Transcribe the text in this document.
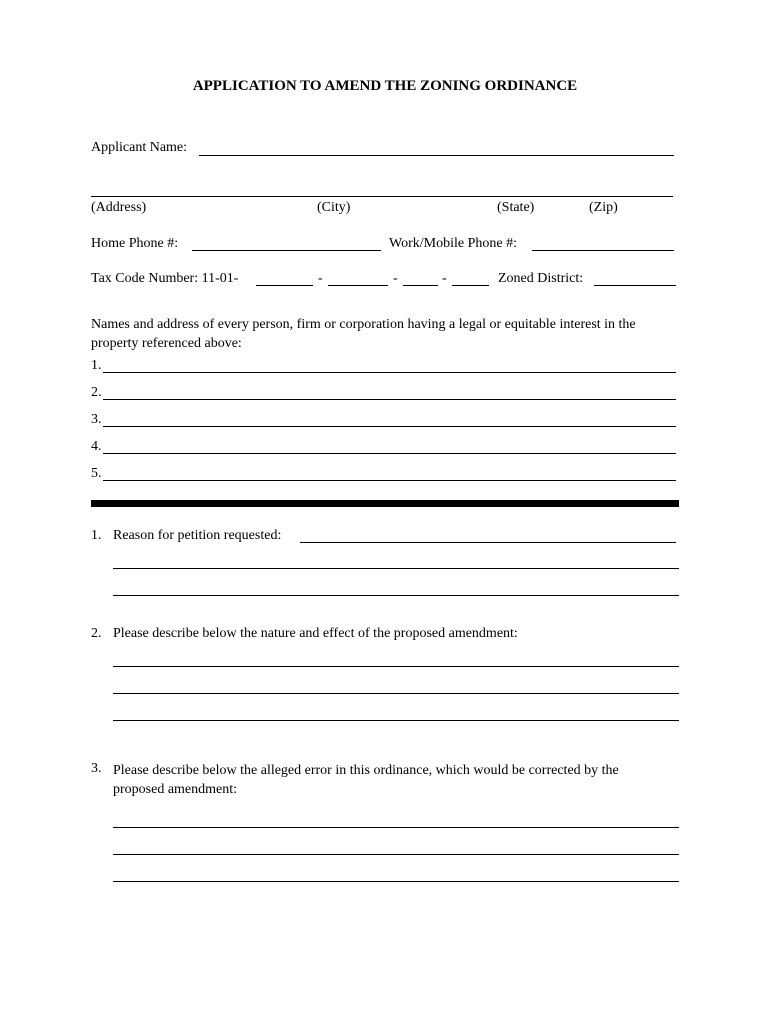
APPLICATION TO AMEND THE ZONING ORDINANCE
Applicant Name:
(Address)	(City)	(State)	(Zip)
Home Phone #:	Work/Mobile Phone #:
Tax Code Number: 11-01-	-	-	-	Zoned District:
Names and address of every person, firm or corporation having a legal or equitable interest in the property referenced above:
1.
2.
3.
4.
5.
1. Reason for petition requested:
2. Please describe below the nature and effect of the proposed amendment:
3. Please describe below the alleged error in this ordinance, which would be corrected by the proposed amendment:
